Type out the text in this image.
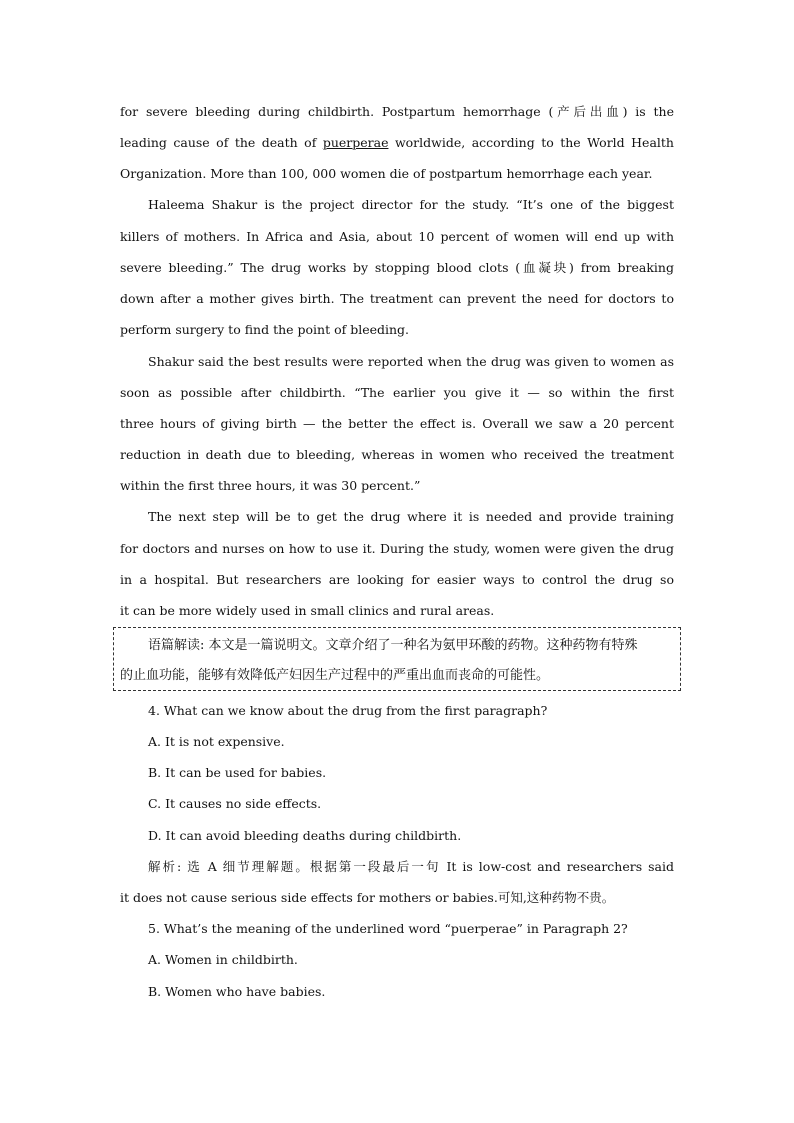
for severe bleeding during childbirth. Postpartum hemorrhage (产后出血) is the
leading cause of the death of puerperae worldwide, according to the World Health
Organization. More than 100, 000 women die of postpartum hemorrhage each year.
Haleema Shakur is the project director for the study. “It’s one of the biggest
killers of mothers. In Africa and Asia, about 10 percent of women will end up with
severe bleeding.” The drug works by stopping blood clots (血凝块) from breaking
down after a mother gives birth. The treatment can prevent the need for doctors to
perform surgery to find the point of bleeding.
Shakur said the best results were reported when the drug was given to women as
soon as possible after childbirth. “The earlier you give it — so within the first
three hours of giving birth — the better the effect is. Overall we saw a 20 percent
reduction in death due to bleeding, whereas in women who received the treatment
within the first three hours, it was 30 percent.”
The next step will be to get the drug where it is needed and provide training
for doctors and nurses on how to use it. During the study, women were given the drug
in a hospital. But researchers are looking for easier ways to control the drug so
it can be more widely used in small clinics and rural areas.
语篇解读: 本文是一篇说明文。文章介绍了一种名为氨甲环酸的药物。这种药物有特殊
的止血功能，能够有效降低产妇因生产过程中的严重出血而丧命的可能性。
4. What can we know about the drug from the first paragraph?
A. It is not expensive.
B. It can be used for babies.
C. It causes no side effects.
D. It can avoid bleeding deaths during childbirth.
解析: 选 A 细节理解题。根据第一段最后一句 It is low-cost and researchers said
it does not cause serious side effects for mothers or babies.可知,这种药物不贵。
5. What’s the meaning of the underlined word “puerperae” in Paragraph 2?
A. Women in childbirth.
B. Women who have babies.
